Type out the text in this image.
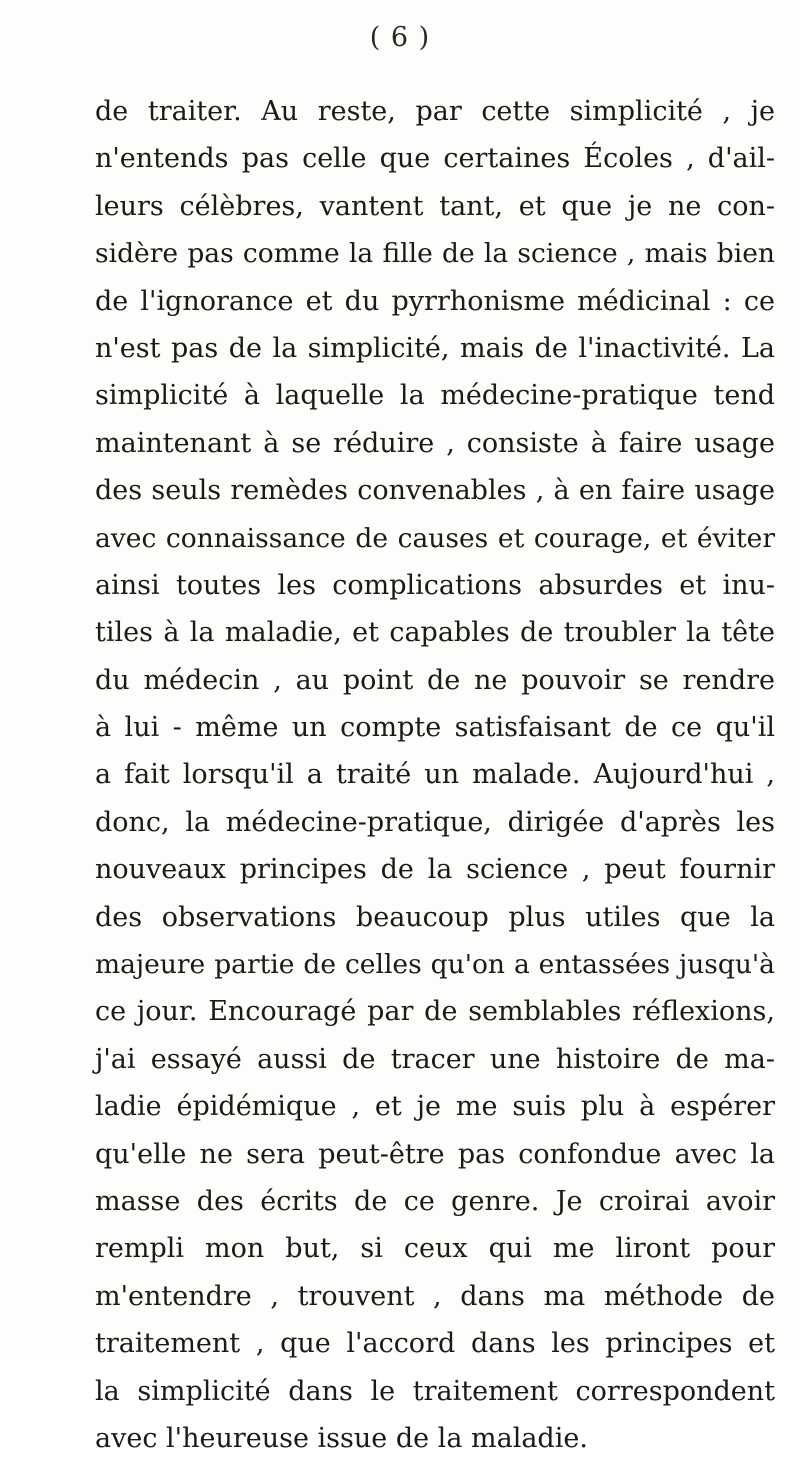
( 6 )
de traiter. Au reste, par cette simplicité , je
n'entends pas celle que certaines Écoles , d'ail-
leurs célèbres, vantent tant, et que je ne con-
sidère pas comme la fille de la science , mais bien
de l'ignorance et du pyrrhonisme médicinal : ce
n'est pas de la simplicité, mais de l'inactivité. La
simplicité à laquelle la médecine-pratique tend
maintenant à se réduire , consiste à faire usage
des seuls remèdes convenables , à en faire usage
avec connaissance de causes et courage, et éviter
ainsi toutes les complications absurdes et inu-
tiles à la maladie, et capables de troubler la tête
du médecin , au point de ne pouvoir se rendre
à lui - même un compte satisfaisant de ce qu'il
a fait lorsqu'il a traité un malade. Aujourd'hui ,
donc, la médecine-pratique, dirigée d'après les
nouveaux principes de la science , peut fournir
des observations beaucoup plus utiles que la
majeure partie de celles qu'on a entassées jusqu'à
ce jour. Encouragé par de semblables réflexions,
j'ai essayé aussi de tracer une histoire de ma-
ladie épidémique , et je me suis plu à espérer
qu'elle ne sera peut-être pas confondue avec la
masse des écrits de ce genre. Je croirai avoir
rempli mon but, si ceux qui me liront pour
m'entendre , trouvent , dans ma méthode de
traitement , que l'accord dans les principes et
la simplicité dans le traitement correspondent
avec l'heureuse issue de la maladie.
